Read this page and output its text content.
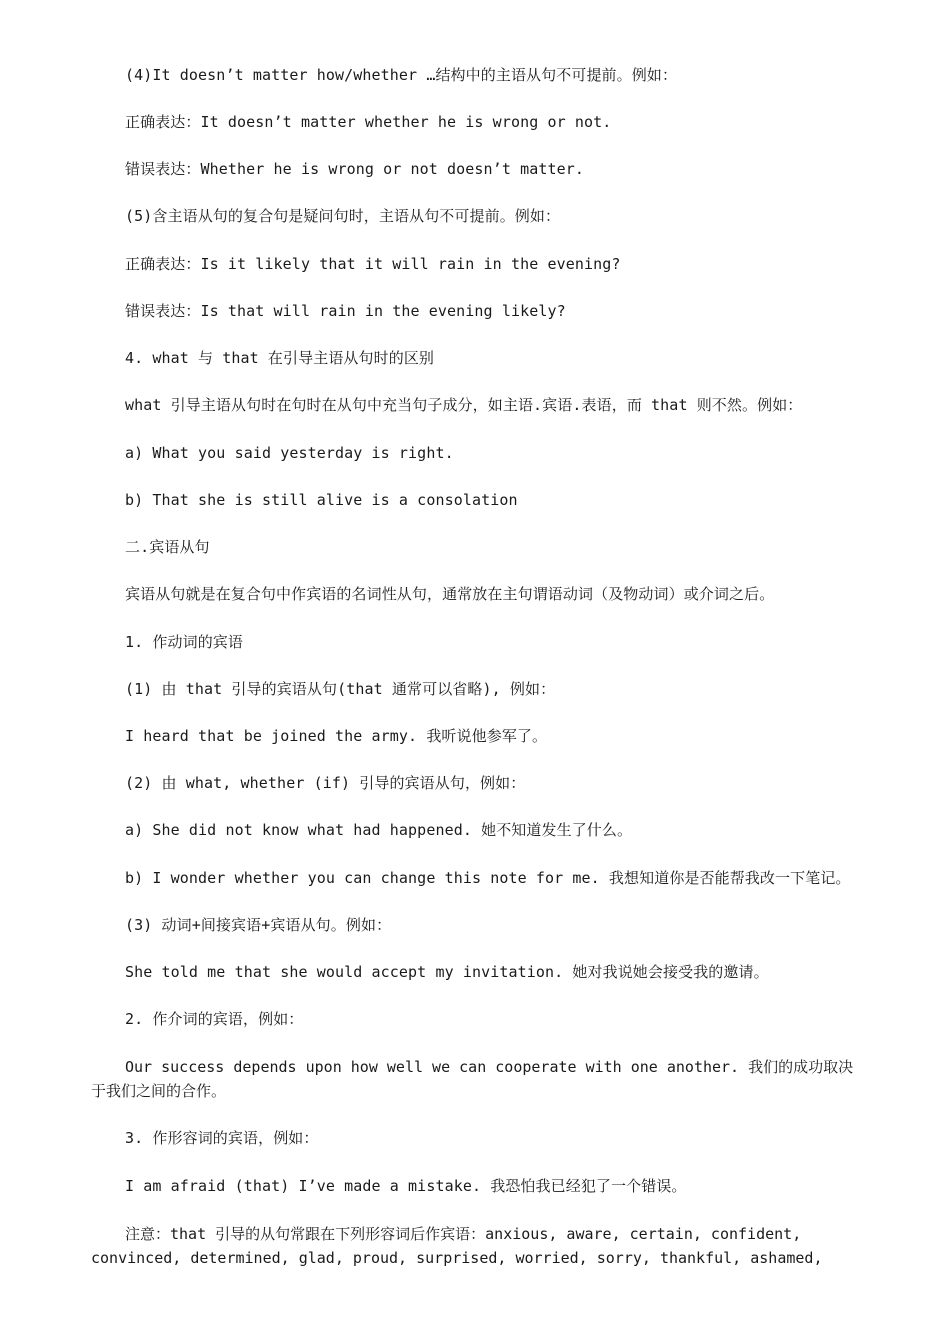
(4)It doesn’t matter how/whether …结构中的主语从句不可提前。例如：
正确表达：It doesn’t matter whether he is wrong or not.
错误表达：Whether he is wrong or not doesn’t matter.
(5)含主语从句的复合句是疑问句时，主语从句不可提前。例如：
正确表达：Is it likely that it will rain in the evening?
错误表达：Is that will rain in the evening likely?
4. what 与 that 在引导主语从句时的区别
what 引导主语从句时在句时在从句中充当句子成分，如主语.宾语.表语，而 that 则不然。例如：
a) What you said yesterday is right.
b) That she is still alive is a consolation
二.宾语从句
宾语从句就是在复合句中作宾语的名词性从句，通常放在主句谓语动词（及物动词）或介词之后。
1. 作动词的宾语
(1) 由 that 引导的宾语从句(that 通常可以省略), 例如：
I heard that be joined the army. 我听说他参军了。
(2) 由 what, whether (if) 引导的宾语从句，例如：
a) She did not know what had happened. 她不知道发生了什么。
b) I wonder whether you can change this note for me. 我想知道你是否能帮我改一下笔记。
(3) 动词+间接宾语+宾语从句。例如：
She told me that she would accept my invitation. 她对我说她会接受我的邀请。
2. 作介词的宾语，例如：
Our success depends upon how well we can cooperate with one another. 我们的成功取决于我们之间的合作。
3. 作形容词的宾语，例如：
I am afraid (that) I’ve made a mistake. 我恐怕我已经犯了一个错误。
注意：that 引导的从句常跟在下列形容词后作宾语：anxious, aware, certain, confident, convinced, determined, glad, proud, surprised, worried, sorry, thankful, ashamed,
